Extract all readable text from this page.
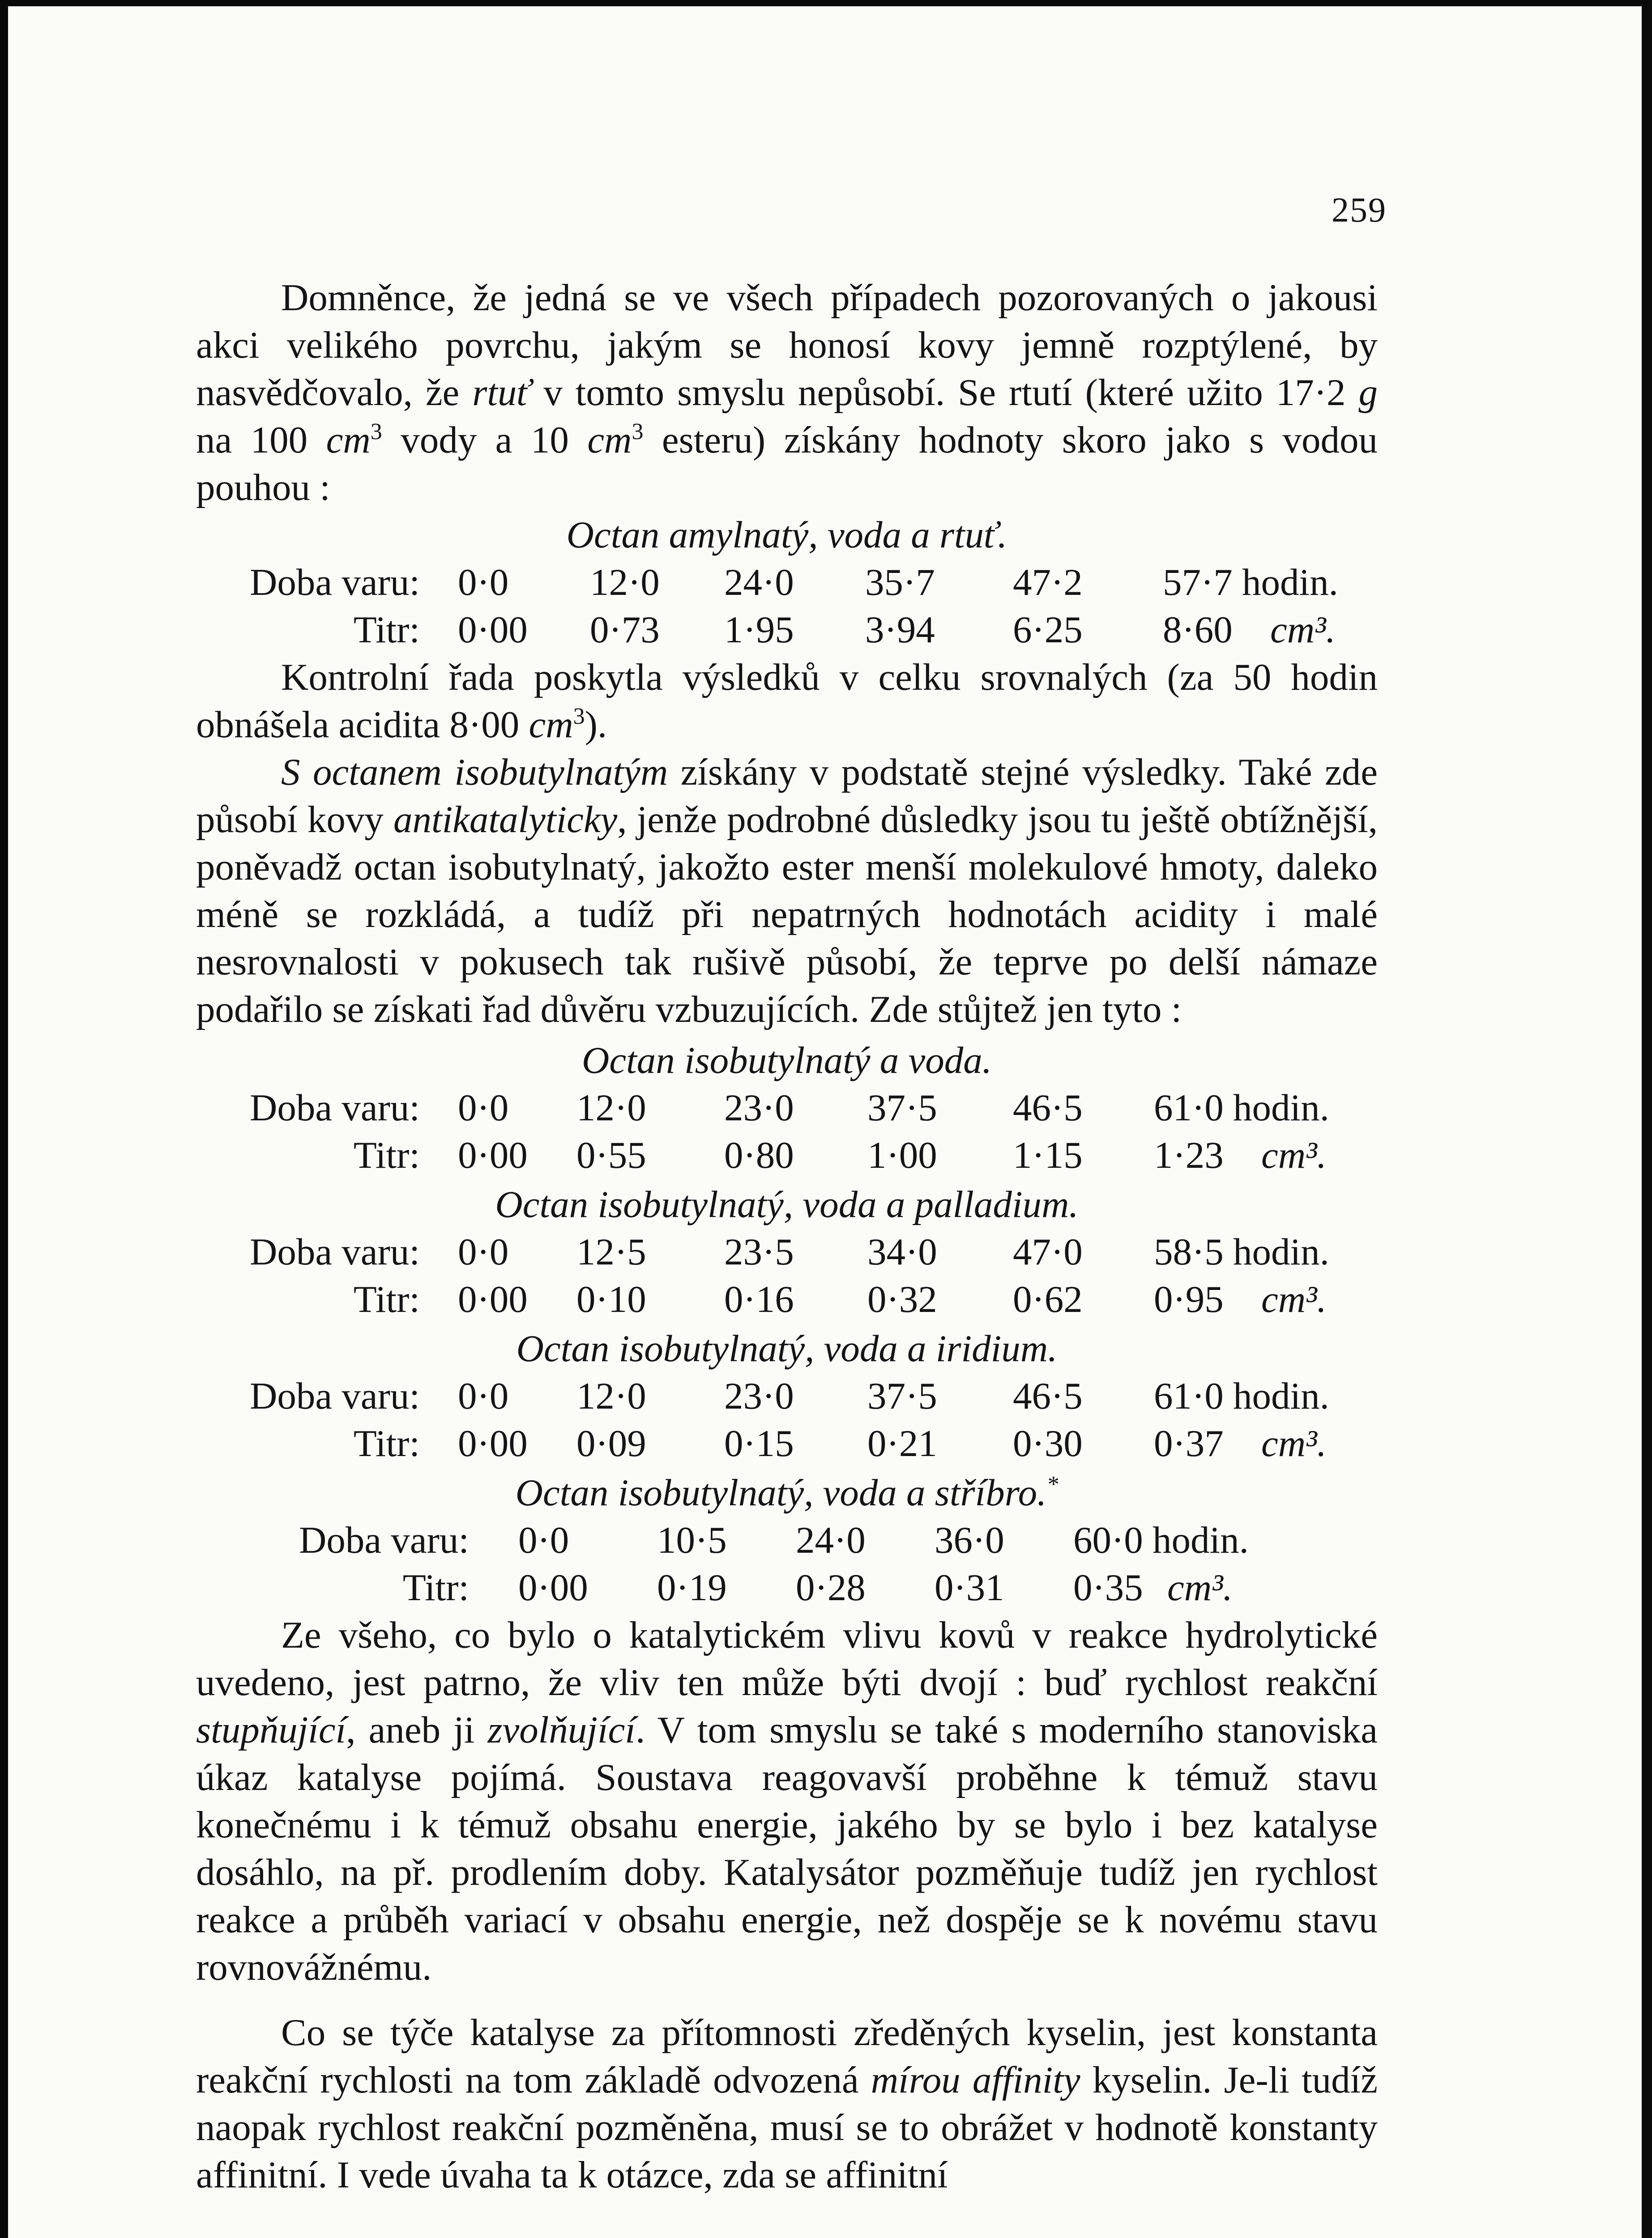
259

Domněnce, že jedná se ve všech případech pozorovaných o jakousi akci velikého povrchu, jakým se honosí kovy jemně rozptýlené, by nasvědčovalo, že rtuť v tomto smyslu nepůsobí. Se rtutí (které užito 17·2 g na 100 $cm^3$ vody a 10 $cm^3$ esteru) získány hodnoty skoro jako s vodou pouhou :

Octan amylnatý, voda a rtuť.
Doba varu: 0·0 12·0 24·0 35·7 47·2 57·7 hodin.
Titr: 0·00 0·73 1·95 3·94 6·25 8·60 cm³.

Kontrolní řada poskytla výsledků v celku srovnalých (za 50 hodin obnášela acidita 8·00 $cm^3$).

S octanem isobutylnatým získány v podstatě stejné výsledky. Také zde působí kovy antikatalyticky, jenže podrobné důsledky jsou tu ještě obtížnější, poněvadž octan isobutylnatý, jakožto ester menší molekulové hmoty, daleko méně se rozkládá, a tudíž při nepatrných hodnotách acidity i malé nesrovnalosti v pokusech tak rušivě působí, že teprve po delší námaze podařilo se získati řad důvěru vzbuzujících. Zde stůjtež jen tyto :

Octan isobutylnatý a voda.
Doba varu: 0·0 12·0 23·0 37·5 46·5 61·0 hodin.
Titr: 0·00 0·55 0·80 1·00 1·15 1·23 cm³.
Octan isobutylnatý, voda a palladium.
Doba varu: 0·0 12·5 23·5 34·0 47·0 58·5 hodin.
Titr: 0·00 0·10 0·16 0·32 0·62 0·95 cm³.
Octan isobutylnatý, voda a iridium.
Doba varu: 0·0 12·0 23·0 37·5 46·5 61·0 hodin.
Titr: 0·00 0·09 0·15 0·21 0·30 0·37 cm³.
Octan isobutylnatý, voda a stříbro.*
Doba varu: 0·0 10·5 24·0 36·0 60·0 hodin.
Titr: 0·00 0·19 0·28 0·31 0·35 cm³.

Ze všeho, co bylo o katalytickém vlivu kovů v reakce hydrolytické uvedeno, jest patrno, že vliv ten může býti dvojí : buď rychlost reakční stupňující, aneb ji zvolňující. V tom smyslu se také s moderního stanoviska úkaz katalyse pojímá. Soustava reagovavší proběhne k témuž stavu konečnému i k témuž obsahu energie, jakého by se bylo i bez katalyse dosáhlo, na př. prodlením doby. Katalysátor pozměňuje tudíž jen rychlost reakce a průběh variací v obsahu energie, než dospěje se k novému stavu rovnovážnému.

Co se týče katalyse za přítomnosti zředěných kyselin, jest konstanta reakční rychlosti na tom základě odvozená mírou affinity kyselin. Je-li tudíž naopak rychlost reakční pozměněna, musí se to obrážet v hodnotě konstanty affinitní. I vede úvaha ta k otázce, zda se affinitní
